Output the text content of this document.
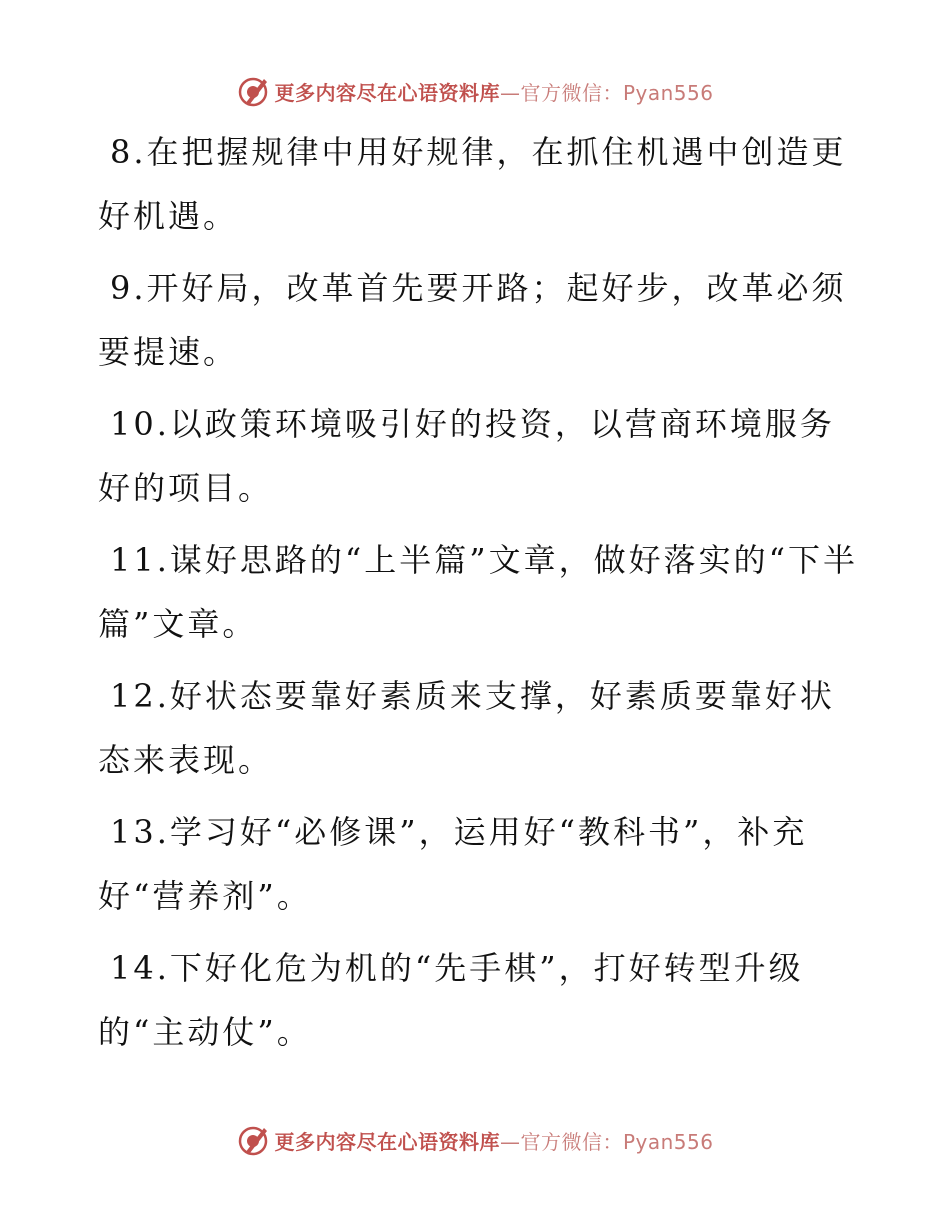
更多内容尽在心语资料库—官方微信：Pyan556

8.在把握规律中用好规律，在抓住机遇中创造更好机遇。

9.开好局，改革首先要开路；起好步，改革必须要提速。

10.以政策环境吸引好的投资，以营商环境服务好的项目。

11.谋好思路的“上半篇”文章，做好落实的“下半篇”文章。

12.好状态要靠好素质来支撑，好素质要靠好状态来表现。

13.学习好“必修课”，运用好“教科书”，补充好“营养剂”。

14.下好化危为机的“先手棋”，打好转型升级的“主动仗”。

更多内容尽在心语资料库—官方微信：Pyan556
